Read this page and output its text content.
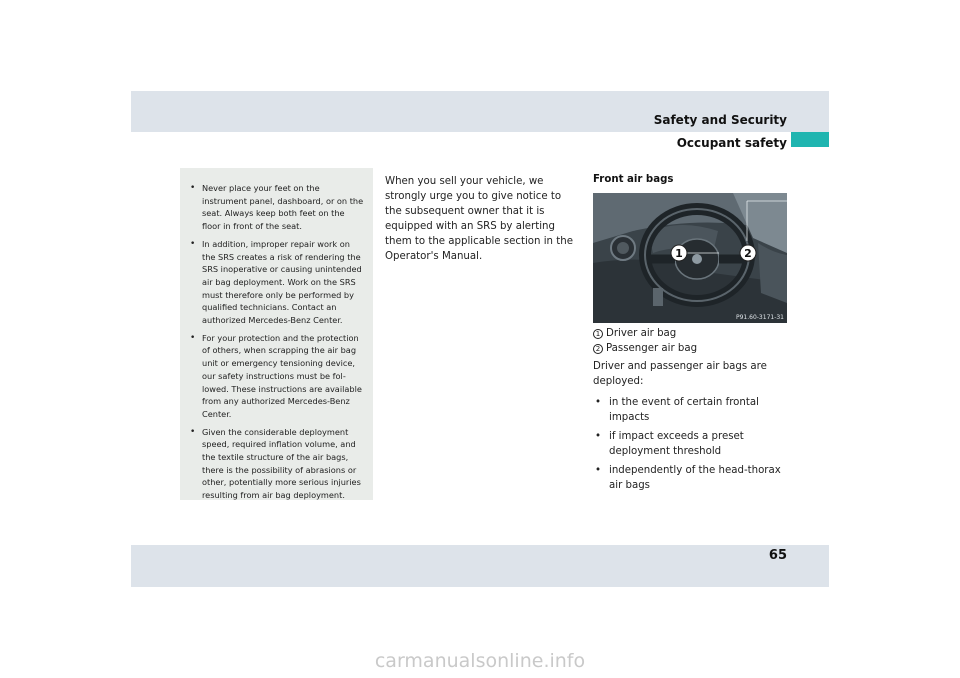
Safety and Security
Occupant safety
• Never place your feet on the instrument panel, dashboard, or on the seat. Always keep both feet on the floor in front of the seat.
• In addition, improper repair work on the SRS creates a risk of rendering the SRS inoperative or causing unintended air bag deployment. Work on the SRS must therefore only be performed by qualified technicians. Contact an authorized Mercedes-Benz Center.
• For your protection and the protection of others, when scrapping the air bag unit or emergency tensioning device, our safety instructions must be fol-lowed. These instructions are available from any authorized Mercedes-Benz Center.
• Given the considerable deployment speed, required inflation volume, and the textile structure of the air bags, there is the possibility of abrasions or other, potentially more serious injuries resulting from air bag deployment.
When you sell your vehicle, we strongly urge you to give notice to the subsequent owner that it is equipped with an SRS by alerting them to the applicable section in the Operator's Manual.
Front air bags
1	2
P91.60-3171-31
1 Driver air bag
2 Passenger air bag
Driver and passenger air bags are deployed:
• in the event of certain frontal impacts
• if impact exceeds a preset deployment threshold
• independently of the head-thorax air bags
65
carmanualsonline.info
